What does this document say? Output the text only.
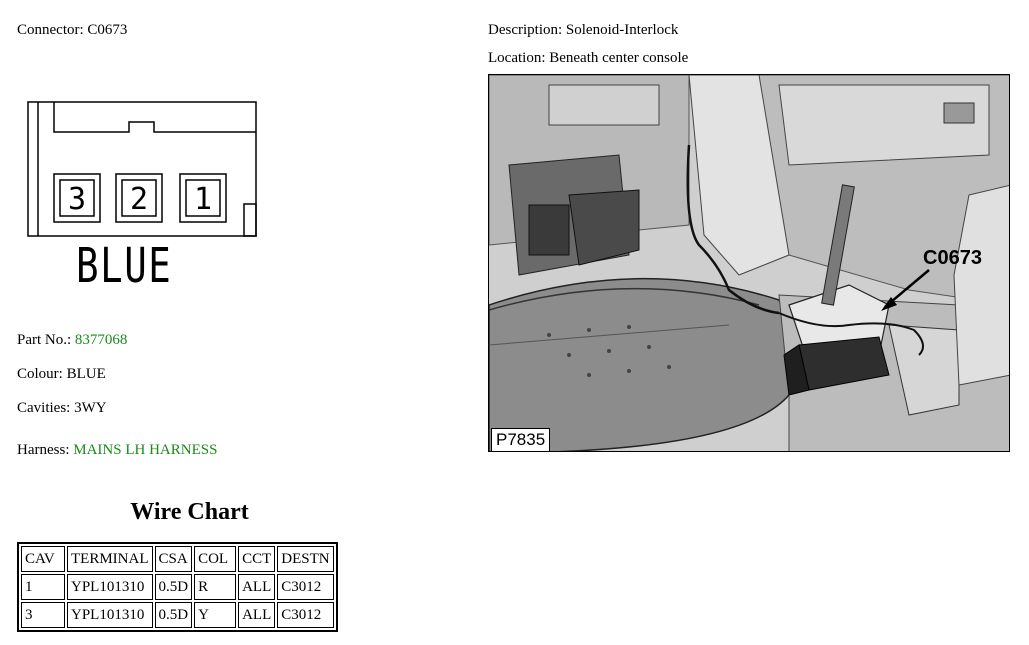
Connector: C0673	Description: Solenoid-Interlock
Location: Beneath center console
3 2 1
BLUE
Part No.: 8377068
Colour: BLUE
Cavities: 3WY
Harness: MAINS LH HARNESS
C0673
P7835
Wire Chart
CAV	TERMINAL	CSA	COL	CCT	DESTN
1	YPL101310	0.5D	R	ALL	C3012
3	YPL101310	0.5D	Y	ALL	C3012
